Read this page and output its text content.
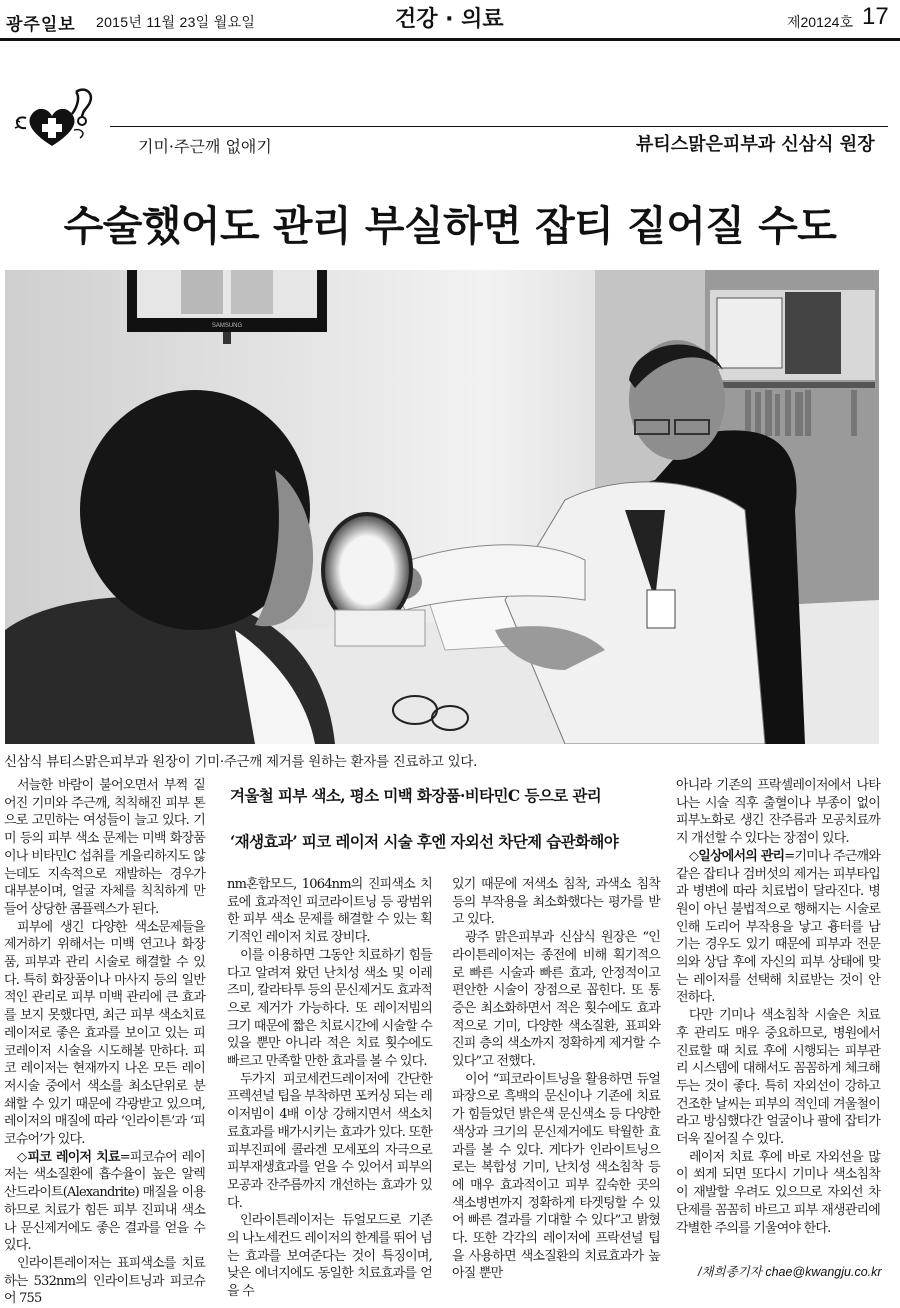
광주일보 2015년 11월 23일 월요일	건강 · 의료	제20124호 17
기미·주근깨 없애기	뷰티스맑은피부과 신삼식 원장
수술했어도 관리 부실하면 잡티 짙어질 수도
SAMSUNG
신삼식 뷰티스맑은피부과 원장이 기미·주근깨 제거를 원하는 환자를 진료하고 있다.
겨울철 피부 색소, 평소 미백 화장품·비타민C 등으로 관리
‘재생효과’ 피코 레이저 시술 후엔 자외선 차단제 습관화해야

서늘한 바람이 불어오면서 부쩍 짙어진 기미와 주근깨, 칙칙해진 피부 톤으로 고민하는 여성들이 늘고 있다. 기미 등의 피부 색소 문제는 미백 화장품이나 비타민C 섭취를 게을리하지도 않는데도 지속적으로 재발하는 경우가 대부분이며, 얼굴 자체를 칙칙하게 만들어 상당한 콤플렉스가 된다.

피부에 생긴 다양한 색소문제들을 제거하기 위해서는 미백 연고나 화장품, 피부과 관리 시술로 해결할 수 있다. 특히 화장품이나 마사지 등의 일반적인 관리로 피부 미백 관리에 큰 효과를 보지 못했다면, 최근 피부 색소치료 레이저로 좋은 효과를 보이고 있는 피코레이저 시술을 시도해볼 만하다. 피코 레이저는 현재까지 나온 모든 레이저시술 중에서 색소를 최소단위로 분쇄할 수 있기 때문에 각광받고 있으며, 레이저의 매질에 따라 ‘인라이튼’과 ‘피코슈어’가 있다.

◇피코 레이저 치료=피코슈어 레이저는 색소질환에 흡수율이 높은 알렉산드라이트(Alexandrite) 매질을 이용하므로 치료가 힘든 피부 진피내 색소나 문신제거에도 좋은 결과를 얻을 수 있다.

인라이튼레이저는 표피색소를 치료하는 532nm의 인라이트닝과 피코슈어 755

nm혼합모드, 1064nm의 진피색소 치료에 효과적인 피코라이트닝 등 광범위한 피부 색소 문제를 해결할 수 있는 획기적인 레이저 치료 장비다.

이를 이용하면 그동안 치료하기 힘들다고 알려져 왔던 난치성 색소 및 이레즈미, 칼라타투 등의 문신제거도 효과적으로 제거가 가능하다. 또 레이저빔의 크기 때문에 짧은 치료시간에 시술할 수 있을 뿐만 아니라 적은 치료 횟수에도 빠르고 만족할 만한 효과를 볼 수 있다.

두가지 피코세컨드레이저에 간단한 프렉션널 팁을 부착하면 포커싱 되는 레이저빔이 4배 이상 강해지면서 색소치료효과를 배가시키는 효과가 있다. 또한 피부진피에 콜라겐 모세포의 자극으로 피부재생효과를 얻을 수 있어서 피부의 모공과 잔주름까지 개선하는 효과가 있다.

인라이튼레이저는 듀얼모드로 기존의 나노세컨드 레이저의 한계를 뛰어 넘는 효과를 보여준다는 것이 특징이며, 낮은 에너지에도 동일한 치료효과를 얻을 수

있기 때문에 저색소 침착, 과색소 침착 등의 부작용을 최소화했다는 평가를 받고 있다.

광주 맑은피부과 신삼식 원장은 “인라이튼레이저는 종전에 비해 획기적으로 빠른 시술과 빠른 효과, 안정적이고 편안한 시술이 장점으로 꼽힌다. 또 통증은 최소화하면서 적은 횟수에도 효과적으로 기미, 다양한 색소질환, 표피와 진피 층의 색소까지 정확하게 제거할 수 있다”고 전했다.

이어 “피코라이트닝을 활용하면 듀얼파장으로 흑백의 문신이나 기존에 치료가 힘들었던 밝은색 문신색소 등 다양한 색상과 크기의 문신제거에도 탁월한 효과를 볼 수 있다. 게다가 인라이트닝으로는 복합성 기미, 난치성 색소침착 등에 매우 효과적이고 피부 깊숙한 곳의 색소병변까지 정확하게 타겟팅할 수 있어 빠른 결과를 기대할 수 있다”고 밝혔다. 또한 각각의 레이저에 프락션널 팁을 사용하면 색소질환의 치료효과가 높아질 뿐만

아니라 기존의 프락셀레이저에서 나타나는 시술 직후 출혈이나 부종이 없이 피부노화로 생긴 잔주름과 모공치료까지 개선할 수 있다는 장점이 있다.

◇일상에서의 관리=기미나 주근깨와 같은 잡티나 검버섯의 제거는 피부타입과 병변에 따라 치료법이 달라진다. 병원이 아닌 불법적으로 행해지는 시술로 인해 도리어 부작용을 낳고 흉터를 남기는 경우도 있기 때문에 피부과 전문의와 상담 후에 자신의 피부 상태에 맞는 레이저를 선택해 치료받는 것이 안전하다.

다만 기미나 색소침착 시술은 치료 후 관리도 매우 중요하므로, 병원에서 진료할 때 치료 후에 시행되는 피부관리 시스템에 대해서도 꼼꼼하게 체크해 두는 것이 좋다. 특히 자외선이 강하고 건조한 날씨는 피부의 적인데 겨울철이라고 방심했다간 얼굴이나 팔에 잡티가 더욱 짙어질 수 있다.

레이저 치료 후에 바로 자외선을 많이 쐬게 되면 또다시 기미나 색소침착이 재발할 우려도 있으므로 자외선 차단제를 꼼꼼히 바르고 피부 재생관리에 각별한 주의를 기울여야 한다.

/채희종기자 chae@kwangju.co.kr
